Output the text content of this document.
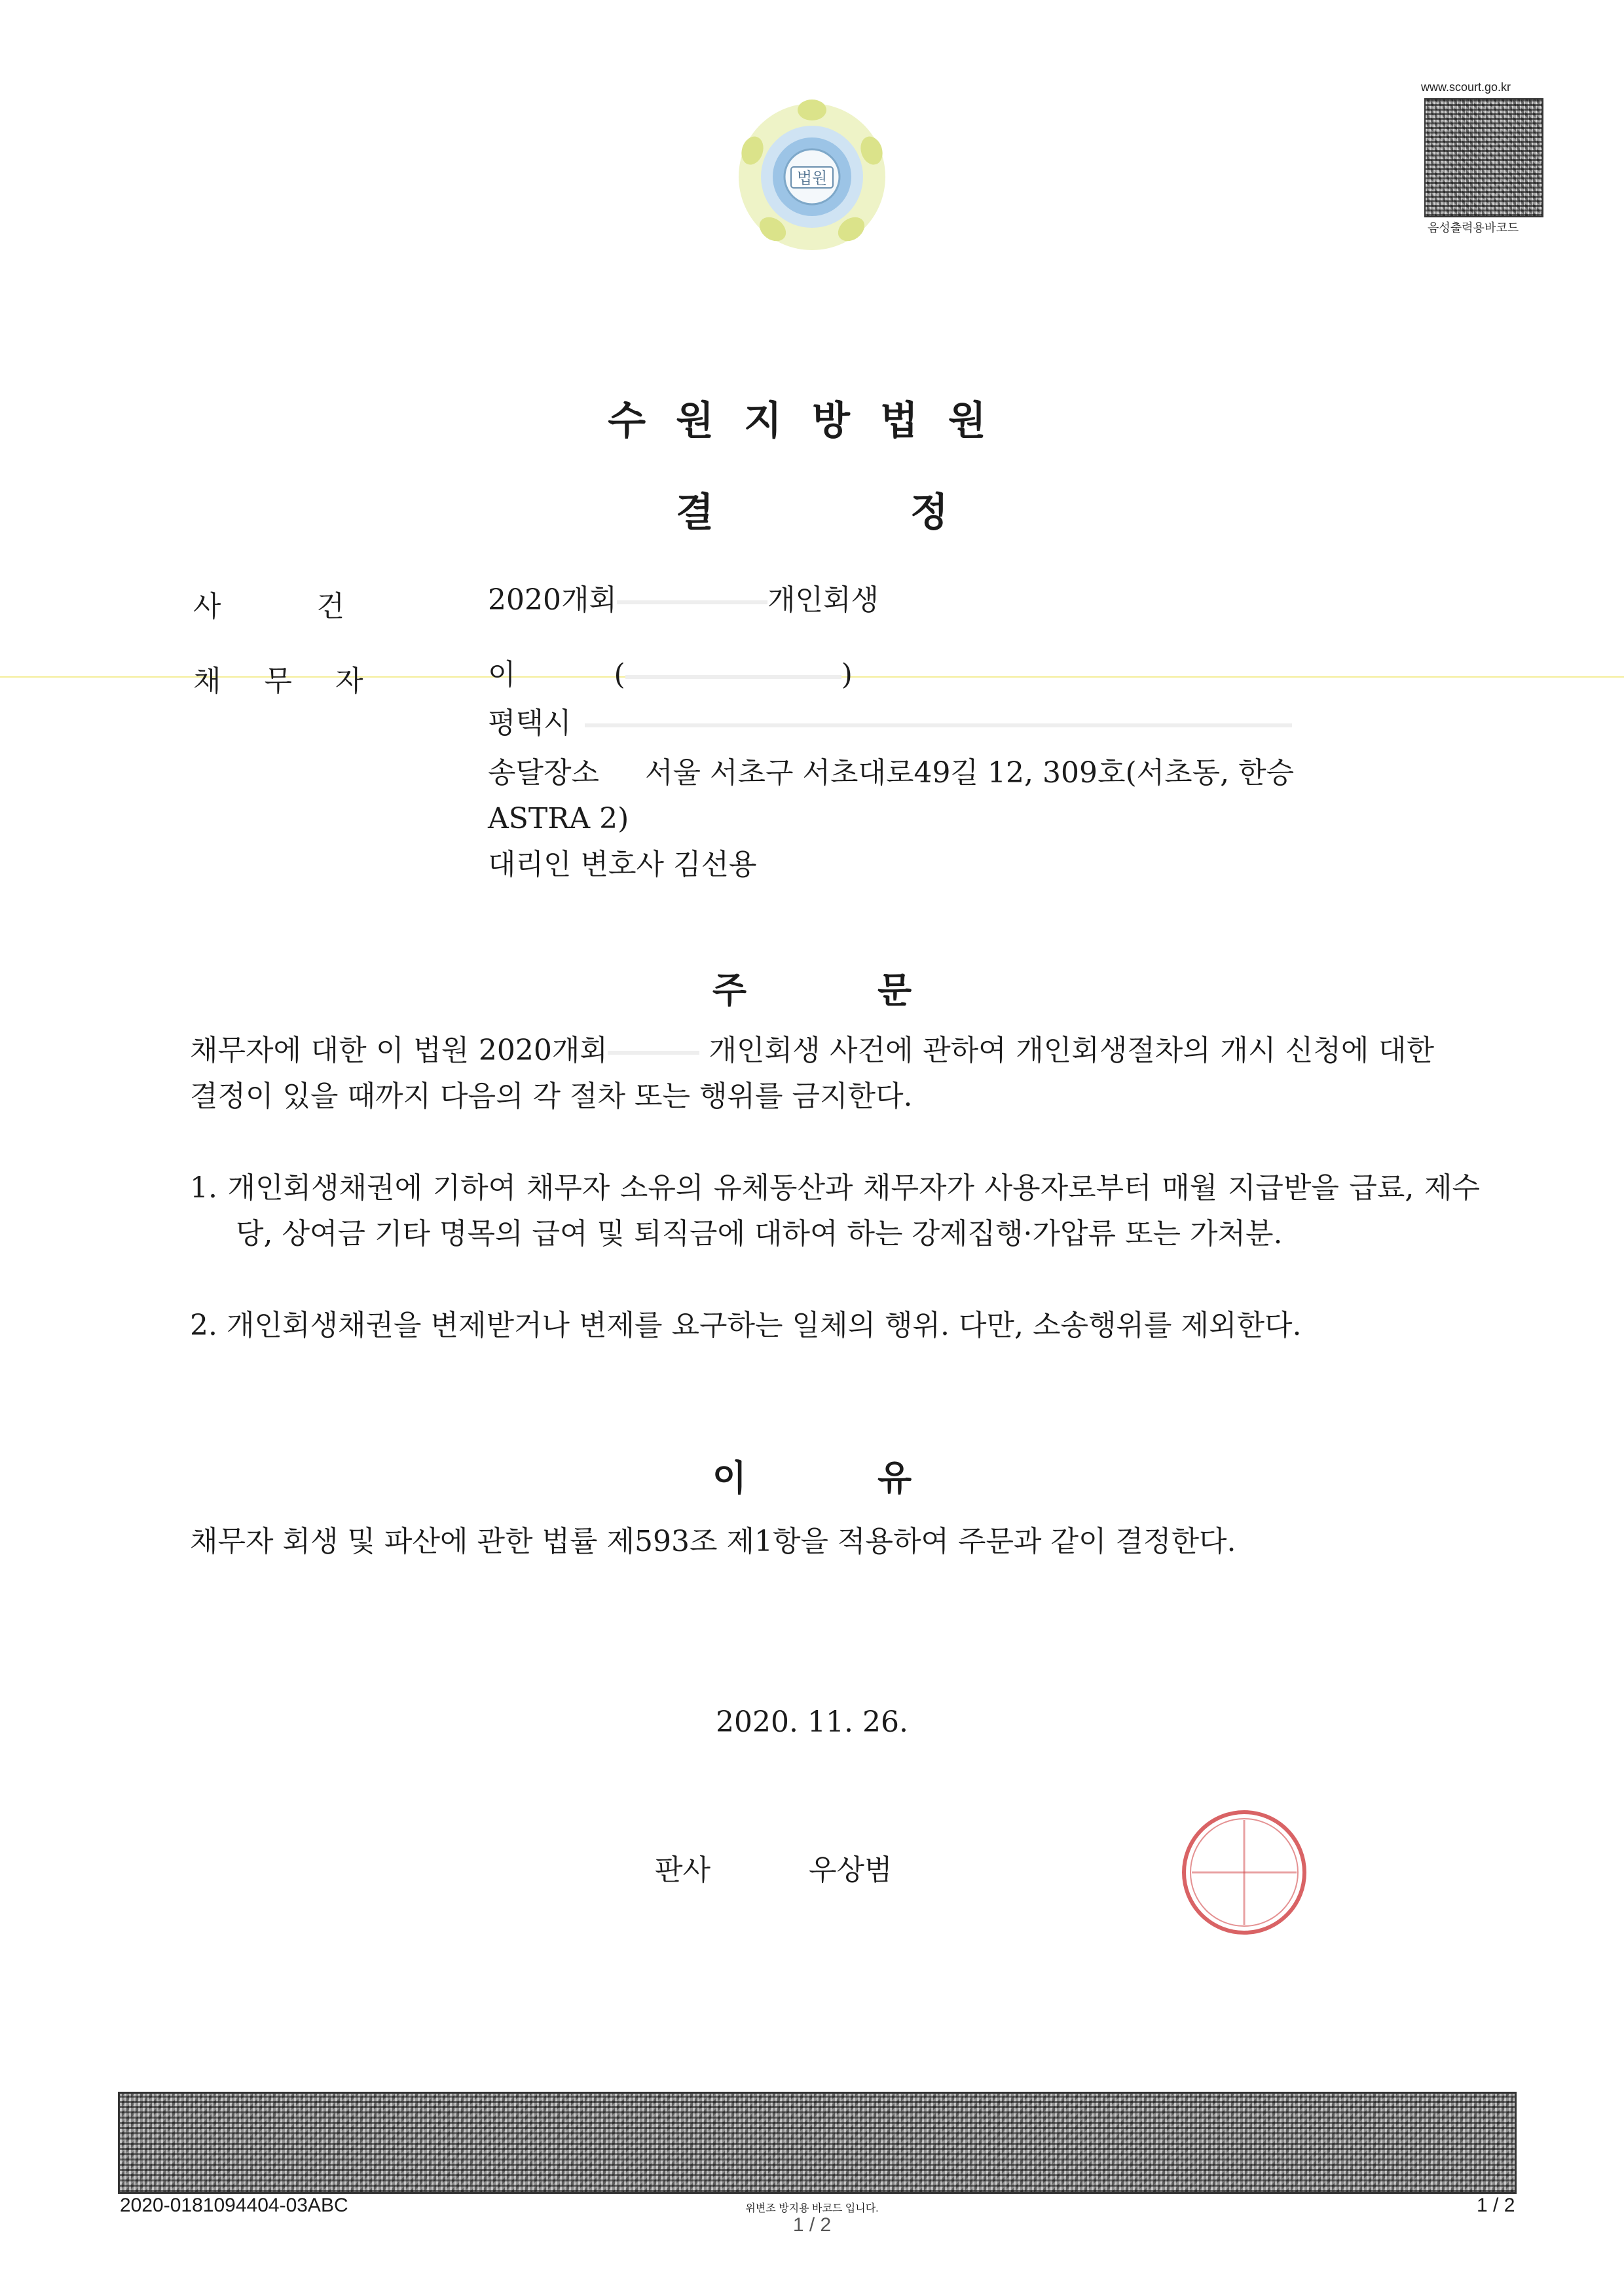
법원
www.scourt.go.kr
음성출력용바코드
수원지방법원
결정
사 건	2020개회	개인회생
채무자	이	(	)
평택시
송달장소 서울 서초구 서초대로49길 12, 309호(서초동, 한승
ASTRA 2)
대리인 변호사 김선용
주문
채무자에 대한 이 법원 2020개회	개인회생 사건에 관하여 개인회생절차의 개시 신청에 대한 결정이 있을 때까지 다음의 각 절차 또는 행위를 금지한다.
1. 개인회생채권에 기하여 채무자 소유의 유체동산과 채무자가 사용자로부터 매월 지급받을 급료, 제수당, 상여금 기타 명목의 급여 및 퇴직금에 대하여 하는 강제집행·가압류 또는 가처분.
2. 개인회생채권을 변제받거나 변제를 요구하는 일체의 행위. 다만, 소송행위를 제외한다.
이유
채무자 회생 및 파산에 관한 법률 제593조 제1항을 적용하여 주문과 같이 결정한다.
2020. 11. 26.
판사	우상범
2020-0181094404-03ABC	위변조 방지용 바코드 입니다.
1 / 2
1 / 2
